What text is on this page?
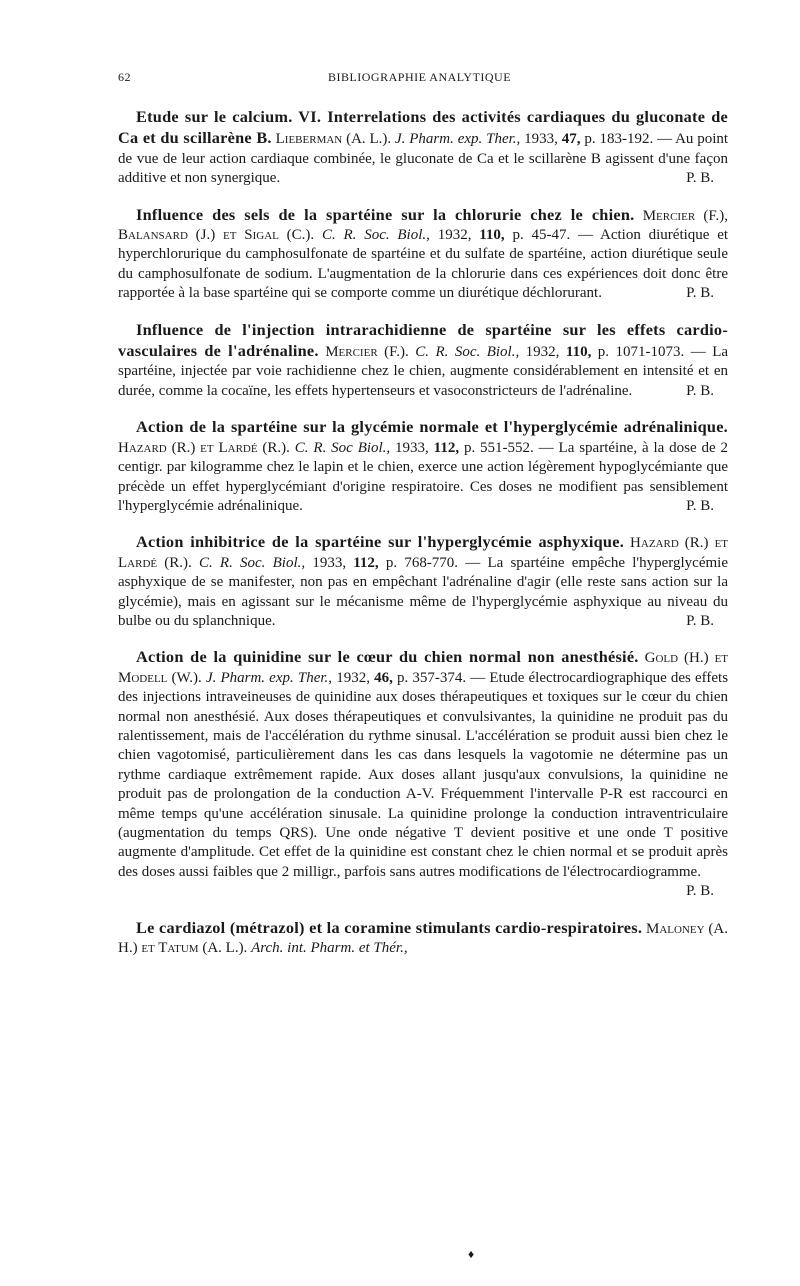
62	BIBLIOGRAPHIE ANALYTIQUE
Etude sur le calcium. VI. Interrelations des activités cardiaques du gluconate de Ca et du scillarène B. Lieberman (A. L.). J. Pharm. exp. Ther., 1933, 47, p. 183-192. — Au point de vue de leur action cardiaque combinée, le gluconate de Ca et le scillarène B agissent d'une façon additive et non synergique.	P. B.
Influence des sels de la spartéine sur la chlorurie chez le chien. Mercier (F.), Balansard (J.) et Sigal (C.). C. R. Soc. Biol., 1932, 110, p. 45-47. — Action diurétique et hyperchlorurique du camphosulfonate de spartéine et du sulfate de spartéine, action diurétique seule du camphosulfonate de sodium. L'augmentation de la chlorurie dans ces expériences doit donc être rapportée à la base spartéine qui se comporte comme un diurétique déchlorurant.	P. B.
Influence de l'injection intrarachidienne de spartéine sur les effets cardio-vasculaires de l'adrénaline. Mercier (F.). C. R. Soc. Biol., 1932, 110, p. 1071-1073. — La spartéine, injectée par voie rachidienne chez le chien, augmente considérablement en intensité et en durée, comme la cocaïne, les effets hypertenseurs et vasoconstricteurs de l'adrénaline.	P. B.
Action de la spartéine sur la glycémie normale et l'hyperglycémie adrénalinique. Hazard (R.) et Lardé (R.). C. R. Soc Biol., 1933, 112, p. 551-552. — La spartéine, à la dose de 2 centigr. par kilogramme chez le lapin et le chien, exerce une action légèrement hypoglycémiante que précède un effet hyperglycémiant d'origine respiratoire. Ces doses ne modifient pas sensiblement l'hyperglycémie adrénalinique.	P. B.
Action inhibitrice de la spartéine sur l'hyperglycémie asphyxique. Hazard (R.) et Lardé (R.). C. R. Soc. Biol., 1933, 112, p. 768-770. — La spartéine empêche l'hyperglycémie asphyxique de se manifester, non pas en empêchant l'adrénaline d'agir (elle reste sans action sur la glycémie), mais en agissant sur le mécanisme même de l'hyperglycémie asphyxique au niveau du bulbe ou du splanchnique.	P. B.
Action de la quinidine sur le cœur du chien normal non anesthésié. Gold (H.) et Modell (W.). J. Pharm. exp. Ther., 1932, 46, p. 357-374. — Etude électrocardiographique des effets des injections intraveineuses de quinidine aux doses thérapeutiques et toxiques sur le cœur du chien normal non anesthésié. Aux doses thérapeutiques et convulsivantes, la quinidine ne produit pas du ralentissement, mais de l'accélération du rythme sinusal. L'accélération se produit aussi bien chez le chien vagotomisé, particulièrement dans les cas dans lesquels la vagotomie ne détermine pas un rythme cardiaque extrêmement rapide. Aux doses allant jusqu'aux convulsions, la quinidine ne produit pas de prolongation de la conduction A-V. Fréquemment l'intervalle P-R est raccourci en même temps qu'une accélération sinusale. La quinidine prolonge la conduction intraventriculaire (augmentation du temps QRS). Une onde négative T devient positive et une onde T positive augmente d'amplitude. Cet effet de la quinidine est constant chez le chien normal et se produit après des doses aussi faibles que 2 milligr., parfois sans autres modifications de l'électrocardiogramme.
P. B.
Le cardiazol (métrazol) et la coramine stimulants cardio-respiratoires. Maloney (A. H.) et Tatum (A. L.). Arch. int. Pharm. et Thér.,
♦
